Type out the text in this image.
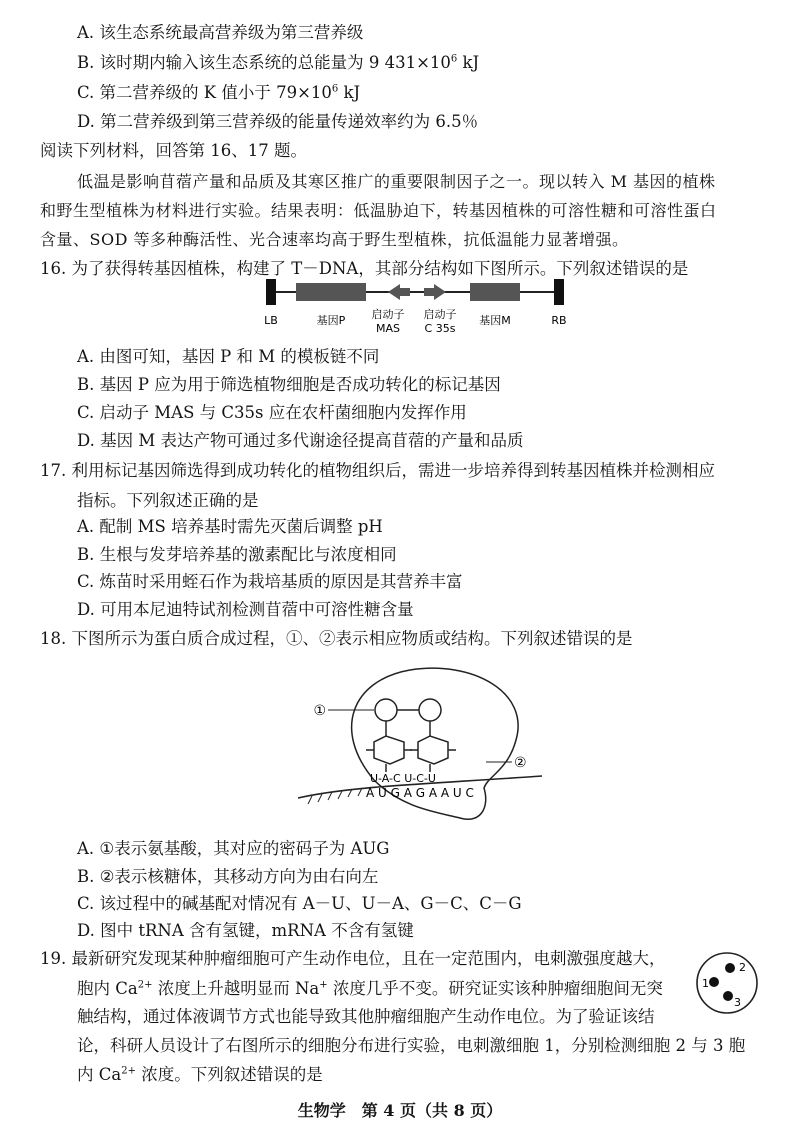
A. 该生态系统最高营养级为第三营养级
B. 该时期内输入该生态系统的总能量为 9 $431\times 10^6$ kJ
C. 第二营养级的 K 值小于 $79\times 10^6$ kJ
D. 第二营养级到第三营养级的能量传递效率约为 6.5％
阅读下列材料，回答第 16、17 题。
低温是影响苜蓿产量和品质及其寒区推广的重要限制因子之一。现以转入 M 基因的植株
和野生型植株为材料进行实验。结果表明：低温胁迫下，转基因植株的可溶性糖和可溶性蛋白
含量、SOD 等多种酶活性、光合速率均高于野生型植株，抗低温能力显著增强。
16. 为了获得转基因植株，构建了 T－DNA，其部分结构如下图所示。下列叙述错误的是
LB	基因P 启动子
MAS
启动子
C 35s
基因M	RB
A. 由图可知，基因 P 和 M 的模板链不同
B. 基因 P 应为用于筛选植物细胞是否成功转化的标记基因
C. 启动子 MAS 与 C35s 应在农杆菌细胞内发挥作用
D. 基因 M 表达产物可通过多代谢途径提高苜蓿的产量和品质
17. 利用标记基因筛选得到成功转化的植物组织后，需进一步培养得到转基因植株并检测相应
指标。下列叙述正确的是
A. 配制 MS 培养基时需先灭菌后调整 pH
B. 生根与发芽培养基的激素配比与浓度相同
C. 炼苗时采用蛭石作为栽培基质的原因是其营养丰富
D. 可用本尼迪特试剂检测苜蓿中可溶性糖含量
18. 下图所示为蛋白质合成过程，①、②表示相应物质或结构。下列叙述错误的是
①
U-A-C U-C-U
A U G A G A A U C
②
A. ①表示氨基酸，其对应的密码子为 AUG
B. ②表示核糖体，其移动方向为由右向左
C. 该过程中的碱基配对情况有 A－U、U－A、G－C、C－G
D. 图中 tRNA 含有氢键，mRNA 不含有氢键
19. 最新研究发现某种肿瘤细胞可产生动作电位，且在一定范围内，电刺激强度越大，
胞内 $Ca^{2+}$ 浓度上升越明显而 Na+ 浓度几乎不变。研究证实该种肿瘤细胞间无突
触结构，通过体液调节方式也能导致其他肿瘤细胞产生动作电位。为了验证该结
论，科研人员设计了右图所示的细胞分布进行实验，电刺激细胞 1，分别检测细胞 2 与 3 胞
内 $Ca^{2+}$ 浓度。下列叙述错误的是
1
2
3
生物学　第 4 页（共 8 页）
